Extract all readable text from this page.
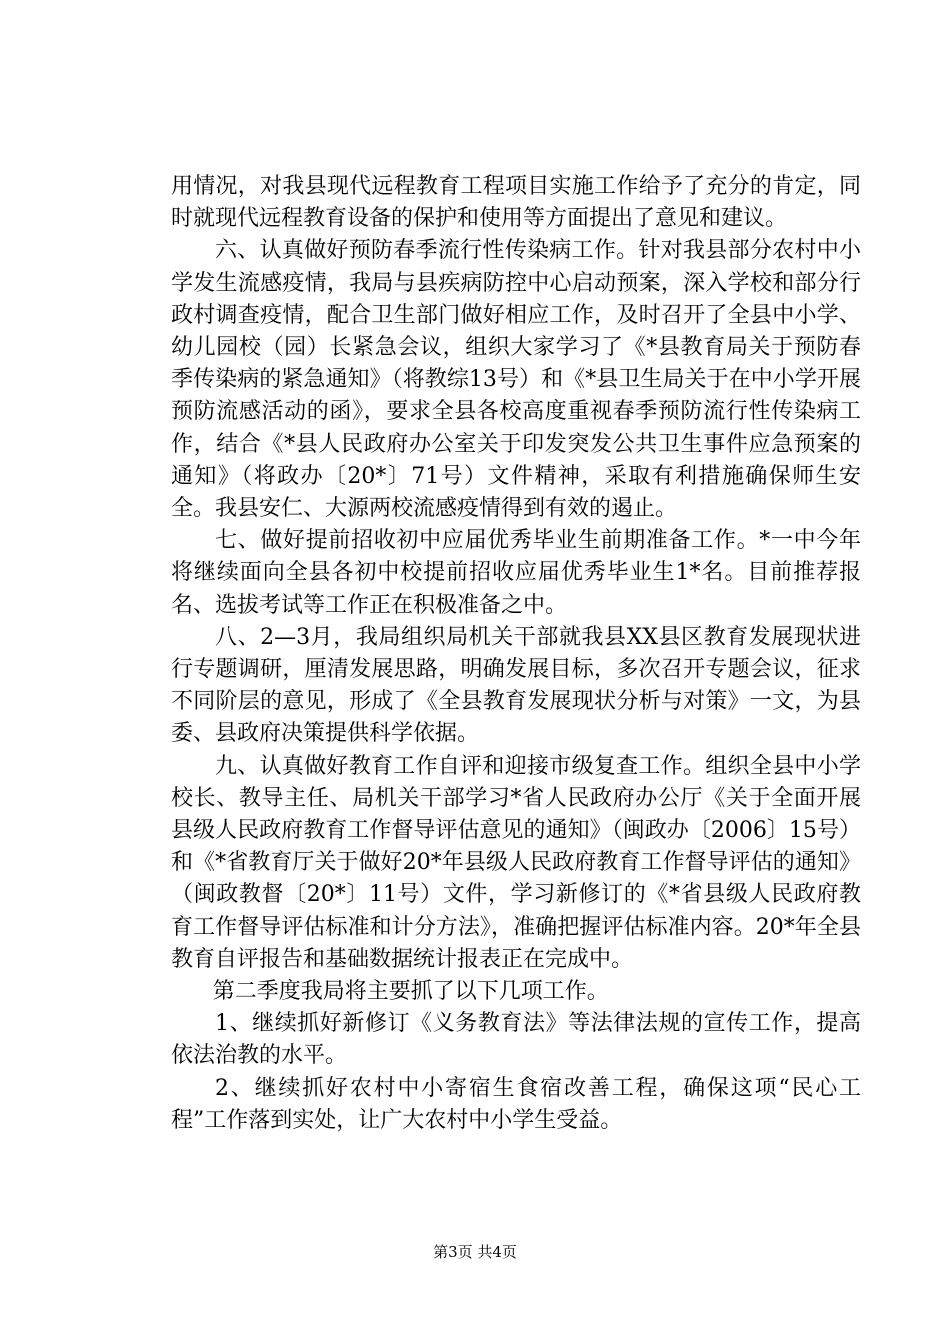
用情况，对我县现代远程教育工程项目实施工作给予了充分的肯定，同时就现代远程教育设备的保护和使用等方面提出了意见和建议。

六、认真做好预防春季流行性传染病工作。针对我县部分农村中小学发生流感疫情，我局与县疾病防控中心启动预案，深入学校和部分行政村调查疫情，配合卫生部门做好相应工作，及时召开了全县中小学、幼儿园校（园）长紧急会议，组织大家学习了《*县教育局关于预防春季传染病的紧急通知》（将教综13号）和《*县卫生局关于在中小学开展预防流感活动的函》，要求全县各校高度重视春季预防流行性传染病工作，结合《*县人民政府办公室关于印发突发公共卫生事件应急预案的通知》（将政办〔20*〕71号）文件精神，采取有利措施确保师生安全。我县安仁、大源两校流感疫情得到有效的遏止。

七、做好提前招收初中应届优秀毕业生前期准备工作。*一中今年将继续面向全县各初中校提前招收应届优秀毕业生1*名。目前推荐报名、选拔考试等工作正在积极准备之中。

八、2—3月，我局组织局机关干部就我县XX县区教育发展现状进行专题调研，厘清发展思路，明确发展目标，多次召开专题会议，征求不同阶层的意见，形成了《全县教育发展现状分析与对策》一文，为县委、县政府决策提供科学依据。

九、认真做好教育工作自评和迎接市级复查工作。组织全县中小学校长、教导主任、局机关干部学习*省人民政府办公厅《关于全面开展县级人民政府教育工作督导评估意见的通知》（闽政办〔2006〕15号）和《*省教育厅关于做好20*年县级人民政府教育工作督导评估的通知》（闽政教督〔20*〕11号）文件，学习新修订的《*省县级人民政府教育工作督导评估标准和计分方法》，准确把握评估标准内容。20*年全县教育自评报告和基础数据统计报表正在完成中。

第二季度我局将主要抓了以下几项工作。

1、继续抓好新修订《义务教育法》等法律法规的宣传工作，提高依法治教的水平。

2、继续抓好农村中小寄宿生食宿改善工程，确保这项“民心工程”工作落到实处，让广大农村中小学生受益。

第3页 共4页
